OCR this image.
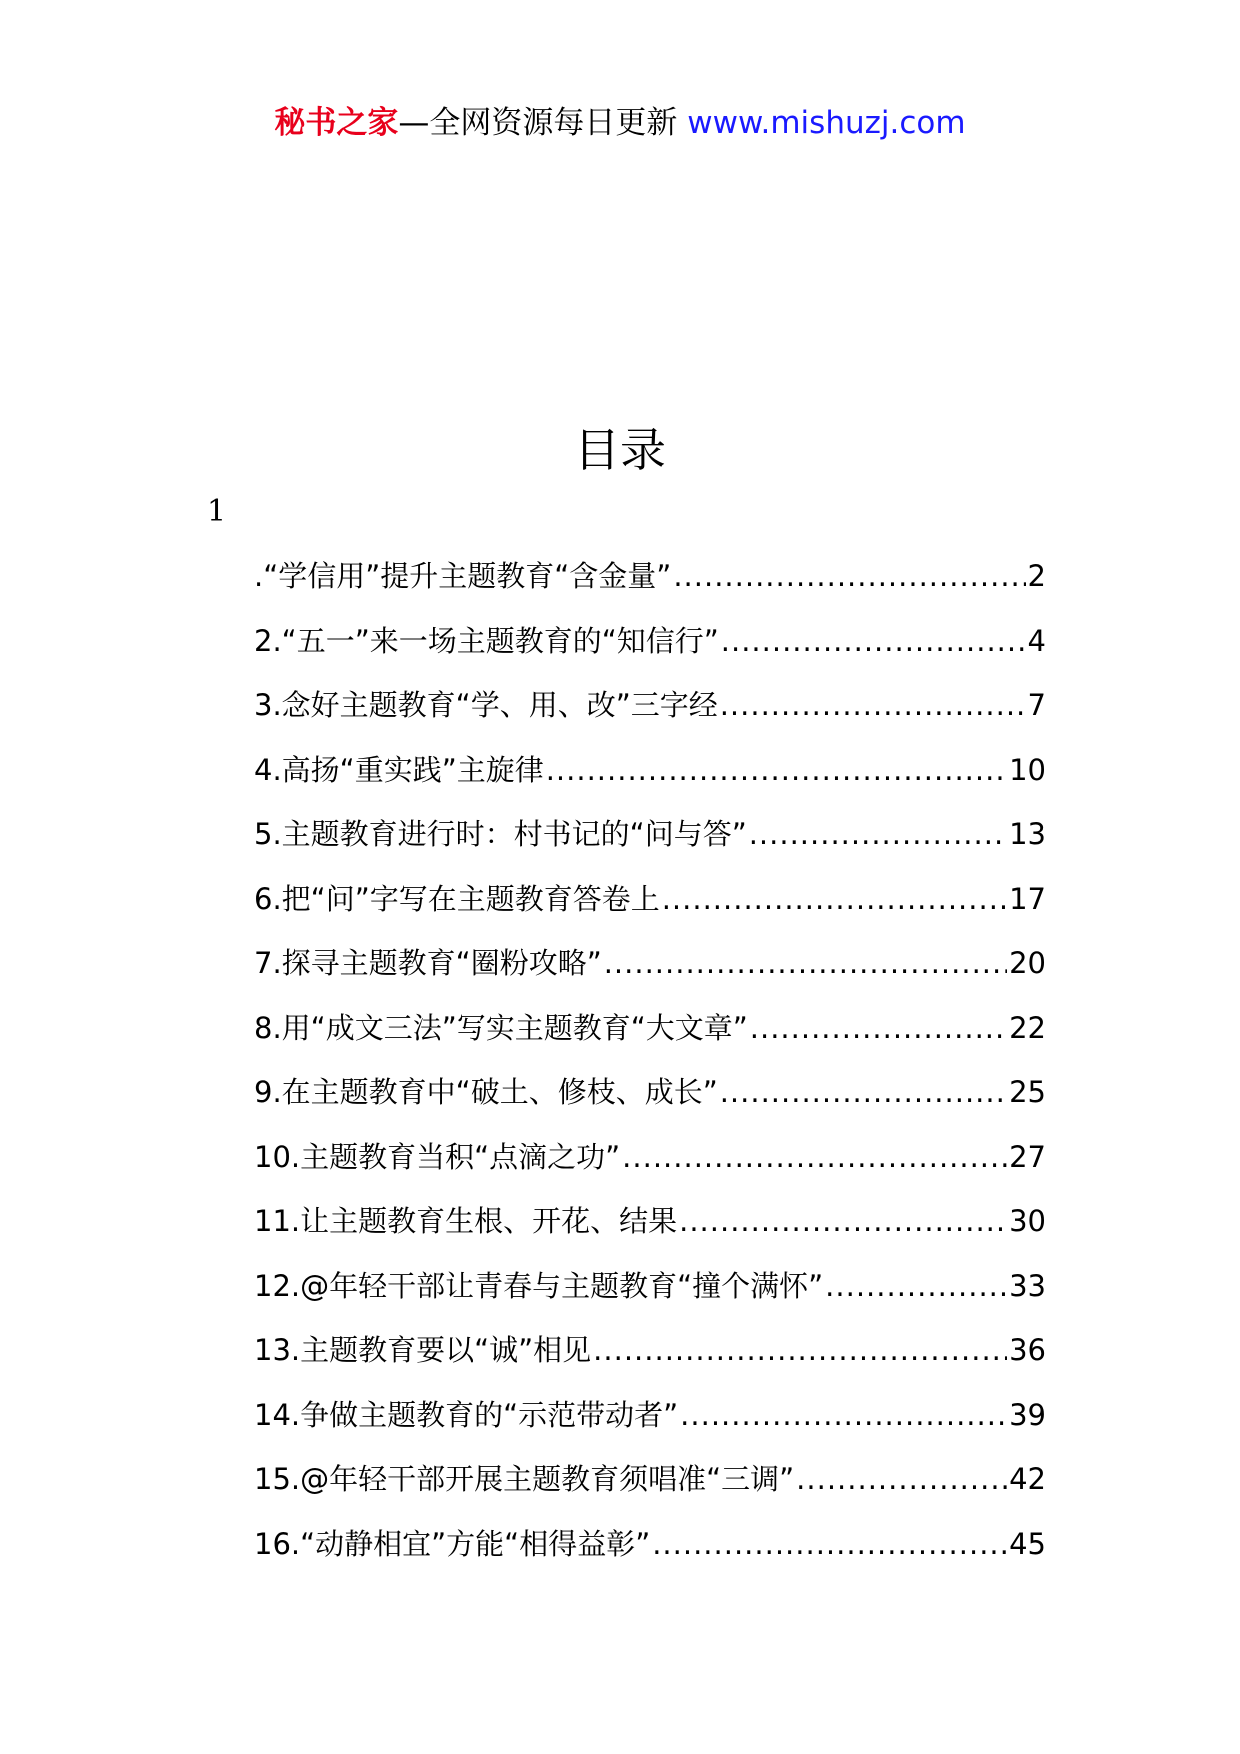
秘书之家—全网资源每日更新 www.mishuzj.com
目录
1
.“学信用”提升主题教育“含金量” .....	2
2.“五一”来一场主题教育的“知信行” .....	4
3.念好主题教育“学、用、改”三字经 .....	7
4.高扬“重实践”主旋律 .....	10
5.主题教育进行时：村书记的“问与答” .....	13
6.把“问”字写在主题教育答卷上 .....	17
7.探寻主题教育“圈粉攻略” .....	20
8.用“成文三法”写实主题教育“大文章” .....	22
9.在主题教育中“破土、修枝、成长” .....	25
10.主题教育当积“点滴之功” .....	27
11.让主题教育生根、开花、结果 .....	30
12.@年轻干部让青春与主题教育“撞个满怀” .....	33
13.主题教育要以“诚”相见 .....	36
14.争做主题教育的“示范带动者” .....	39
15.@年轻干部开展主题教育须唱准“三调” .....	42
16.“动静相宜”方能“相得益彰” .....	45
